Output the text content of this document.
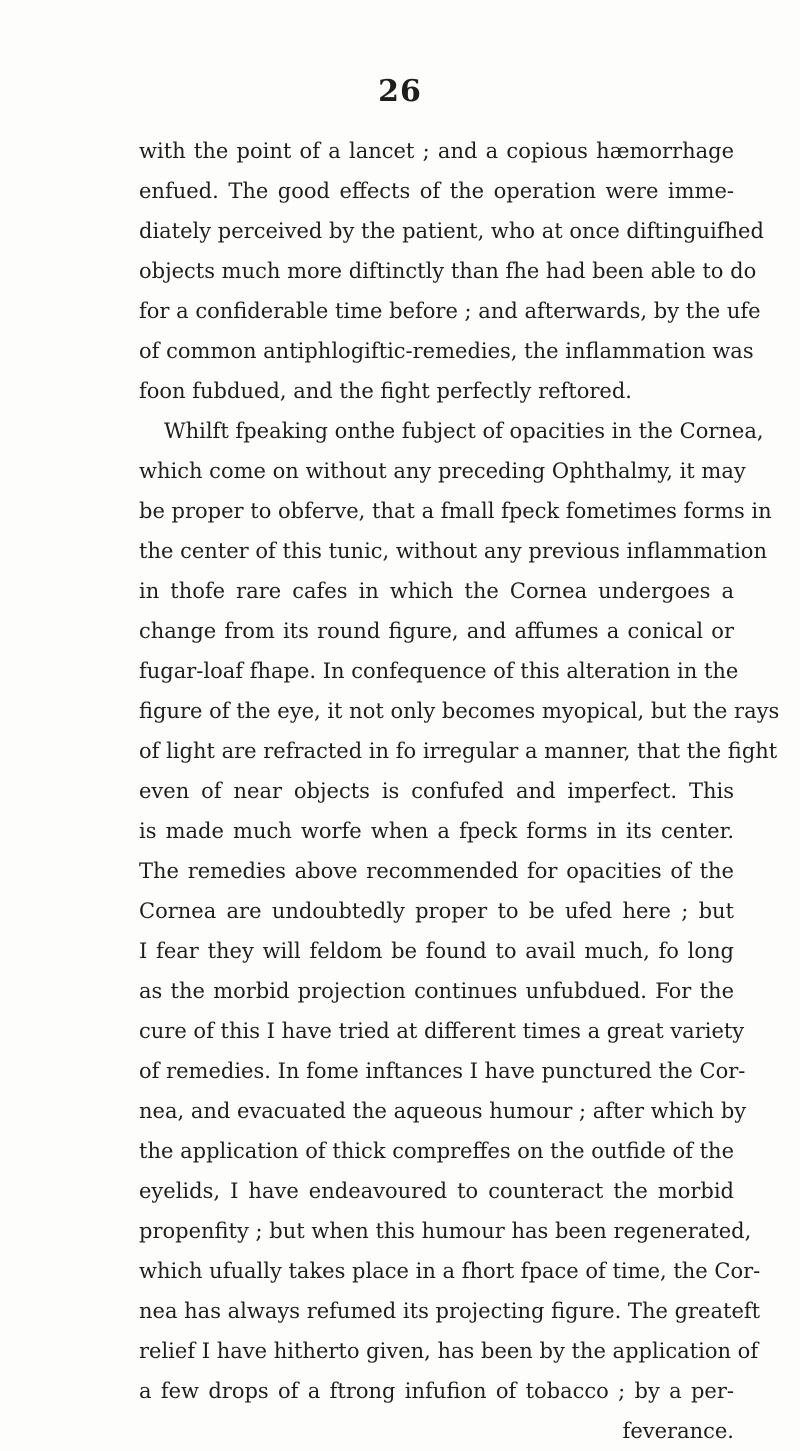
26
with the point of a lancet ; and a copious hæmorrhage
enfued. The good effects of the operation were imme-
diately perceived by the patient, who at once diftinguifhed
objects much more diftinctly than fhe had been able to do
for a confiderable time before ; and afterwards, by the ufe
of common antiphlogiftic-remedies, the inflammation was
foon fubdued, and the fight perfectly reftored.
Whilft fpeaking onthe fubject of opacities in the Cornea,
which come on without any preceding Ophthalmy, it may
be proper to obferve, that a fmall fpeck fometimes forms in
the center of this tunic, without any previous inflammation
in thofe rare cafes in which the Cornea undergoes a
change from its round figure, and affumes a conical or
fugar-loaf fhape. In confequence of this alteration in the
figure of the eye, it not only becomes myopical, but the rays
of light are refracted in fo irregular a manner, that the fight
even of near objects is confufed and imperfect. This
is made much worfe when a fpeck forms in its center.
The remedies above recommended for opacities of the
Cornea are undoubtedly proper to be ufed here ; but
I fear they will feldom be found to avail much, fo long
as the morbid projection continues unfubdued. For the
cure of this I have tried at different times a great variety
of remedies. In fome inftances I have punctured the Cor-
nea, and evacuated the aqueous humour ; after which by
the application of thick compreffes on the outfide of the
eyelids, I have endeavoured to counteract the morbid
propenfity ; but when this humour has been regenerated,
which ufually takes place in a fhort fpace of time, the Cor-
nea has always refumed its projecting figure. The greateft
relief I have hitherto given, has been by the application of
a few drops of a ftrong infufion of tobacco ; by a per-
feverance.
